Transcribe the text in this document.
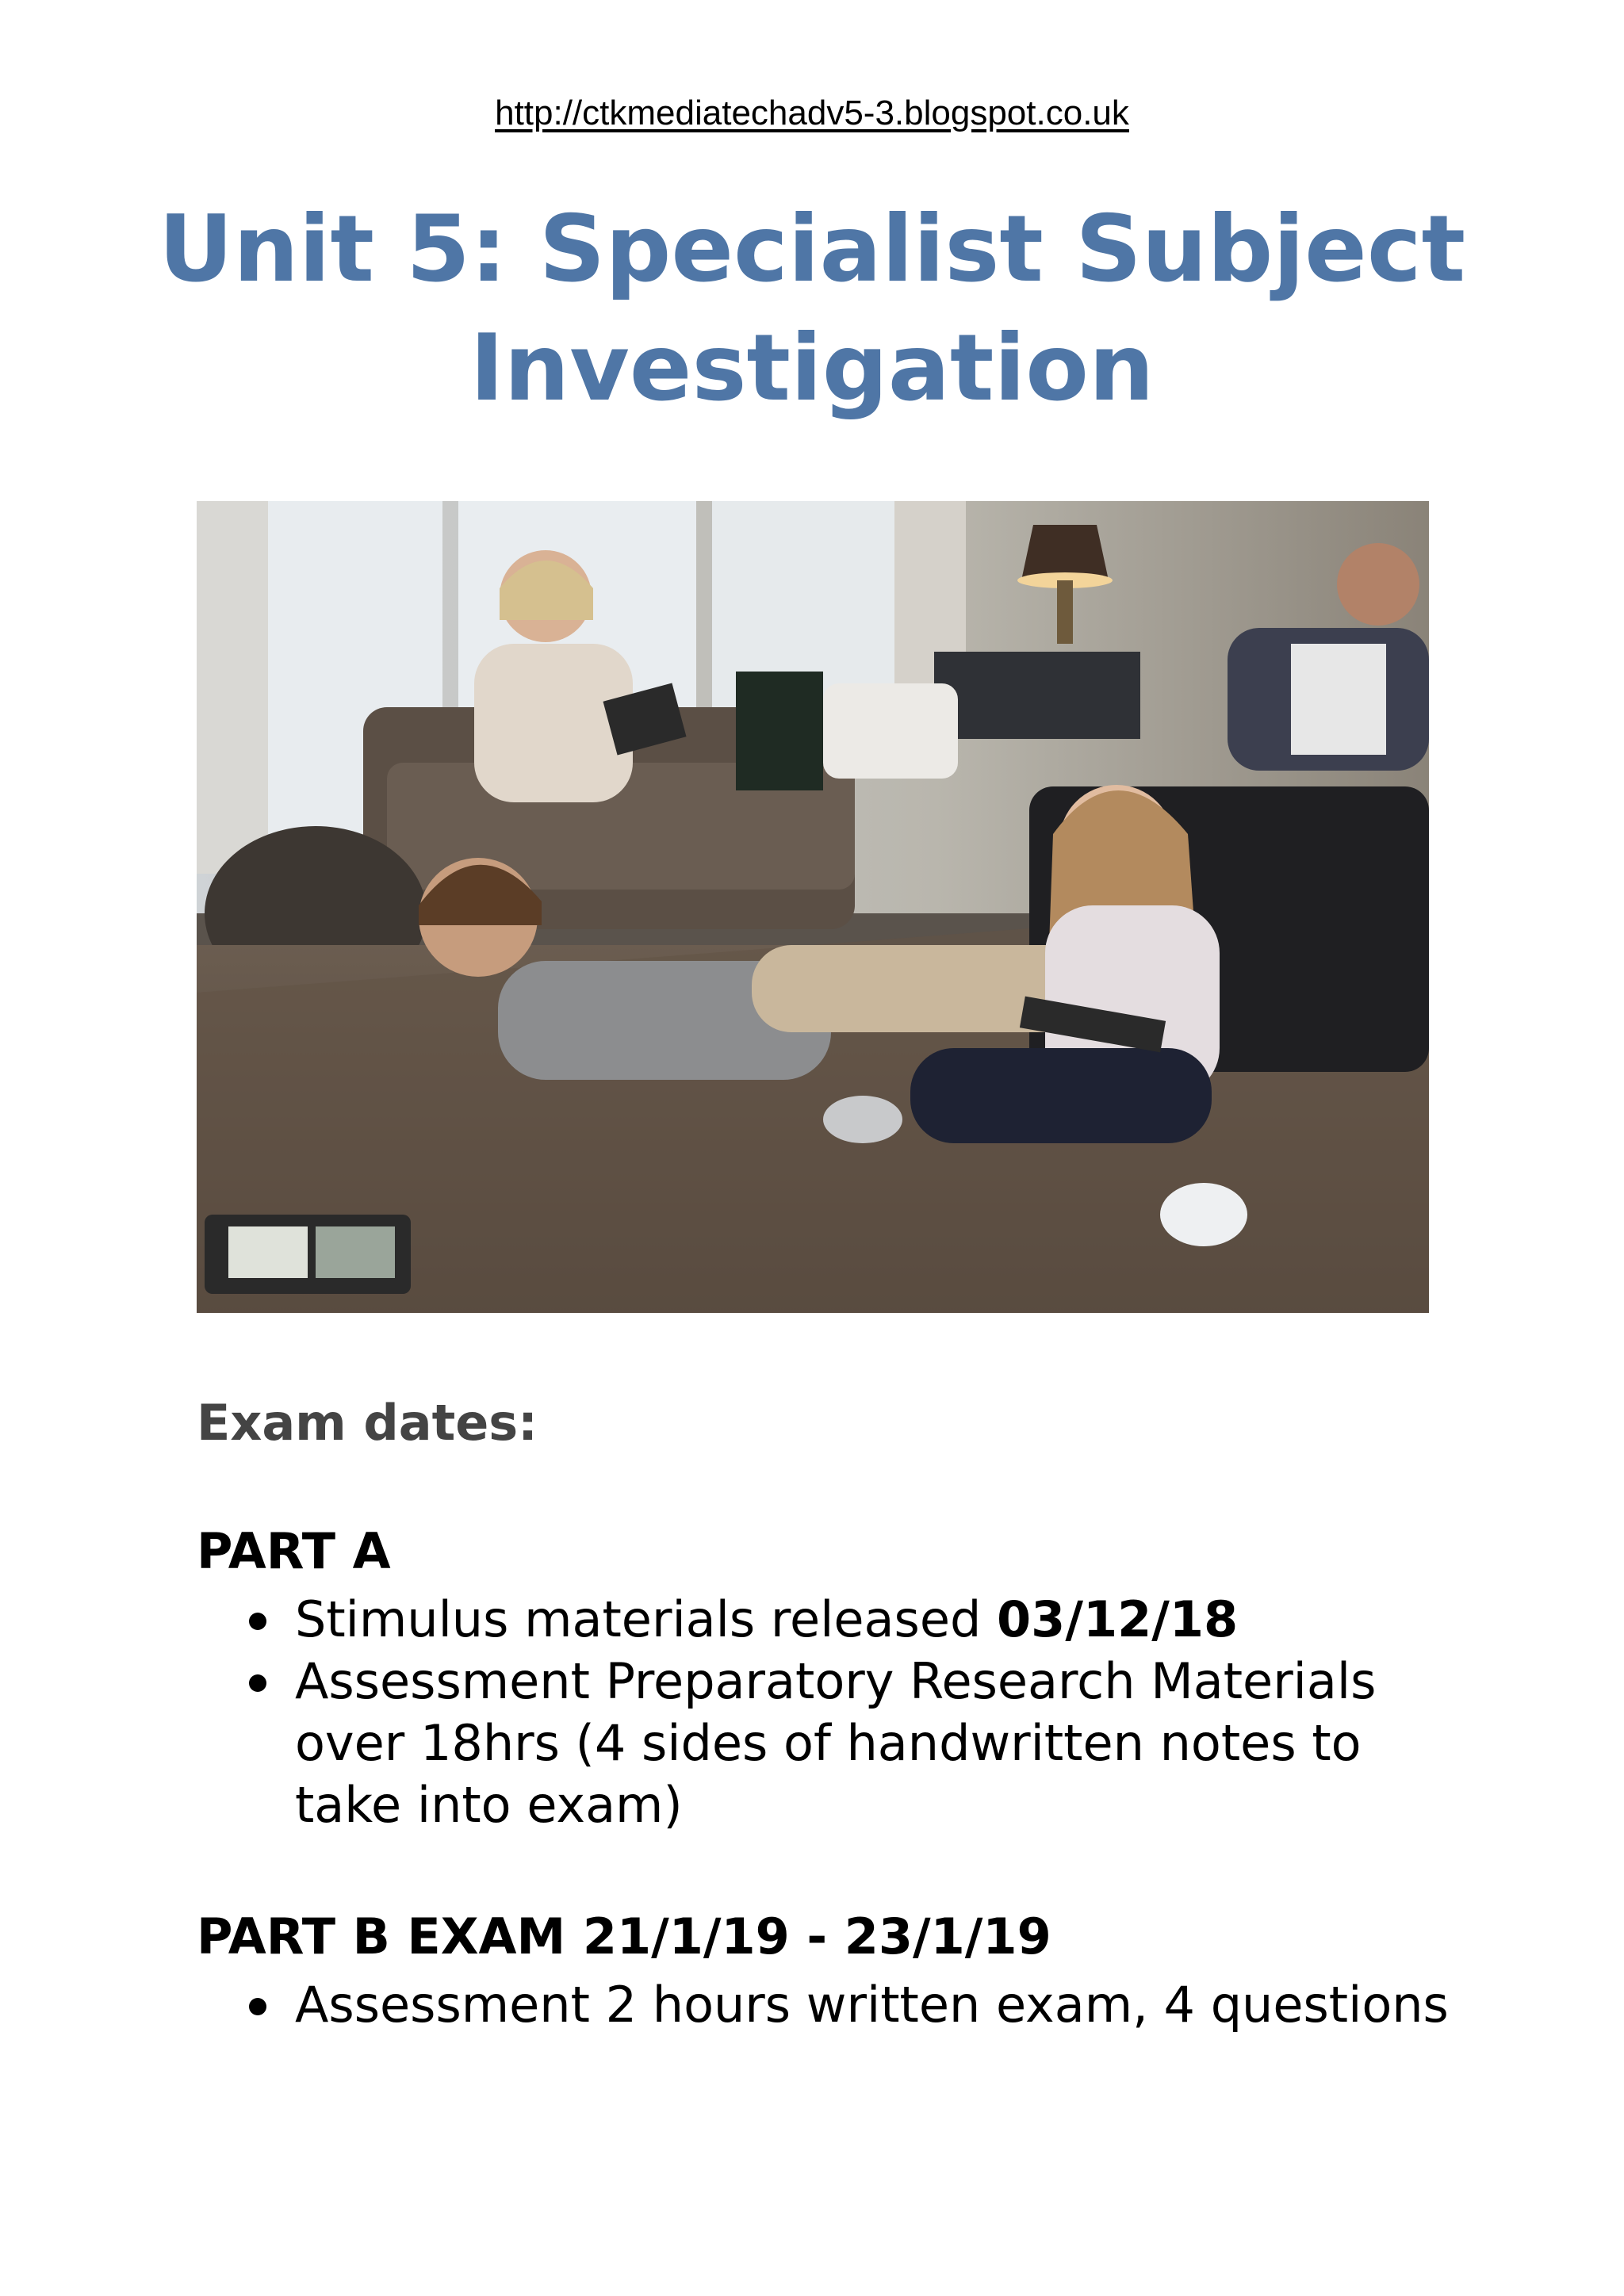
http://ctkmediatechadv5-3.blogspot.co.uk
Unit 5: Specialist Subject
Investigation
Exam dates:
PART A
Stimulus materials released 03/12/18
Assessment Preparatory Research Materials over 18hrs (4 sides of handwritten notes to take into exam)
PART B EXAM 21/1/19 - 23/1/19
Assessment 2 hours written exam, 4 questions
